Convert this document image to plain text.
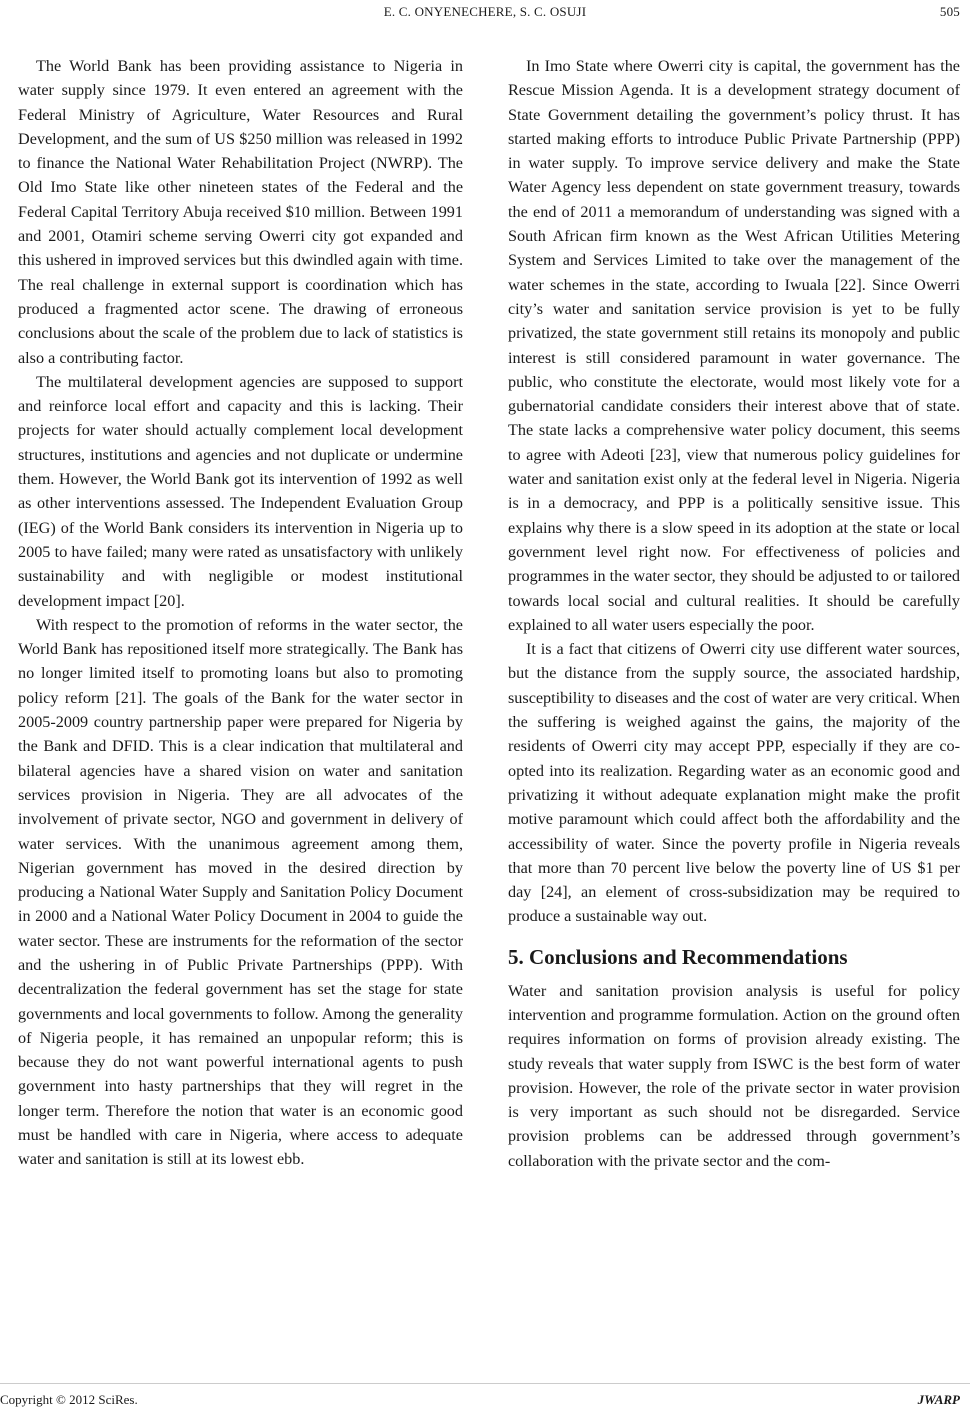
E. C. ONYENECHERE, S. C. OSUJI	505

The World Bank has been providing assistance to Nigeria in water supply since 1979. It even entered an agreement with the Federal Ministry of Agriculture, Water Resources and Rural Development, and the sum of US $250 million was released in 1992 to finance the National Water Rehabilitation Project (NWRP). The Old Imo State like other nineteen states of the Federal and the Federal Capital Territory Abuja received $10 million. Between 1991 and 2001, Otamiri scheme serving Owerri city got expanded and this ushered in improved services but this dwindled again with time. The real challenge in external support is coordination which has produced a fragmented actor scene. The drawing of erroneous conclusions about the scale of the problem due to lack of statistics is also a contributing factor.

The multilateral development agencies are supposed to support and reinforce local effort and capacity and this is lacking. Their projects for water should actually complement local development structures, institutions and agencies and not duplicate or undermine them. However, the World Bank got its intervention of 1992 as well as other interventions assessed. The Independent Evaluation Group (IEG) of the World Bank considers its intervention in Nigeria up to 2005 to have failed; many were rated as unsatisfactory with unlikely sustainability and with negligible or modest institutional development impact [20].

With respect to the promotion of reforms in the water sector, the World Bank has repositioned itself more strategically. The Bank has no longer limited itself to promoting loans but also to promoting policy reform [21]. The goals of the Bank for the water sector in 2005-2009 country partnership paper were prepared for Nigeria by the Bank and DFID. This is a clear indication that multilateral and bilateral agencies have a shared vision on water and sanitation services provision in Nigeria. They are all advocates of the involvement of private sector, NGO and government in delivery of water services. With the unanimous agreement among them, Nigerian government has moved in the desired direction by producing a National Water Supply and Sanitation Policy Document in 2000 and a National Water Policy Document in 2004 to guide the water sector. These are instruments for the reformation of the sector and the ushering in of Public Private Partnerships (PPP). With decentralization the federal government has set the stage for state governments and local governments to follow. Among the generality of Nigeria people, it has remained an unpopular reform; this is because they do not want powerful international agents to push government into hasty partnerships that they will regret in the longer term. Therefore the notion that water is an economic good must be handled with care in Nigeria, where access to adequate water and sanitation is still at its lowest ebb.

In Imo State where Owerri city is capital, the government has the Rescue Mission Agenda. It is a development strategy document of State Government detailing the government’s policy thrust. It has started making efforts to introduce Public Private Partnership (PPP) in water supply. To improve service delivery and make the State Water Agency less dependent on state government treasury, towards the end of 2011 a memorandum of understanding was signed with a South African firm known as the West African Utilities Metering System and Services Limited to take over the management of the water schemes in the state, according to Iwuala [22]. Since Owerri city’s water and sanitation service provision is yet to be fully privatized, the state government still retains its monopoly and public interest is still considered paramount in water governance. The public, who constitute the electorate, would most likely vote for a gubernatorial candidate considers their interest above that of state. The state lacks a comprehensive water policy document, this seems to agree with Adeoti [23], view that numerous policy guidelines for water and sanitation exist only at the federal level in Nigeria. Nigeria is in a democracy, and PPP is a politically sensitive issue. This explains why there is a slow speed in its adoption at the state or local government level right now. For effectiveness of policies and programmes in the water sector, they should be adjusted to or tailored towards local social and cultural realities. It should be carefully explained to all water users especially the poor.

It is a fact that citizens of Owerri city use different water sources, but the distance from the supply source, the associated hardship, susceptibility to diseases and the cost of water are very critical. When the suffering is weighed against the gains, the majority of the residents of Owerri city may accept PPP, especially if they are co-opted into its realization. Regarding water as an economic good and privatizing it without adequate explanation might make the profit motive paramount which could affect both the affordability and the accessibility of water. Since the poverty profile in Nigeria reveals that more than 70 percent live below the poverty line of US $1 per day [24], an element of cross-subsidization may be required to produce a sustainable way out.

5. Conclusions and Recommendations

Water and sanitation provision analysis is useful for policy intervention and programme formulation. Action on the ground often requires information on forms of provision already existing. The study reveals that water supply from ISWC is the best form of water provision. However, the role of the private sector in water provision is very important as such should not be disregarded. Service provision problems can be addressed through government’s collaboration with the private sector and the com-

Copyright © 2012 SciRes.	JWARP
